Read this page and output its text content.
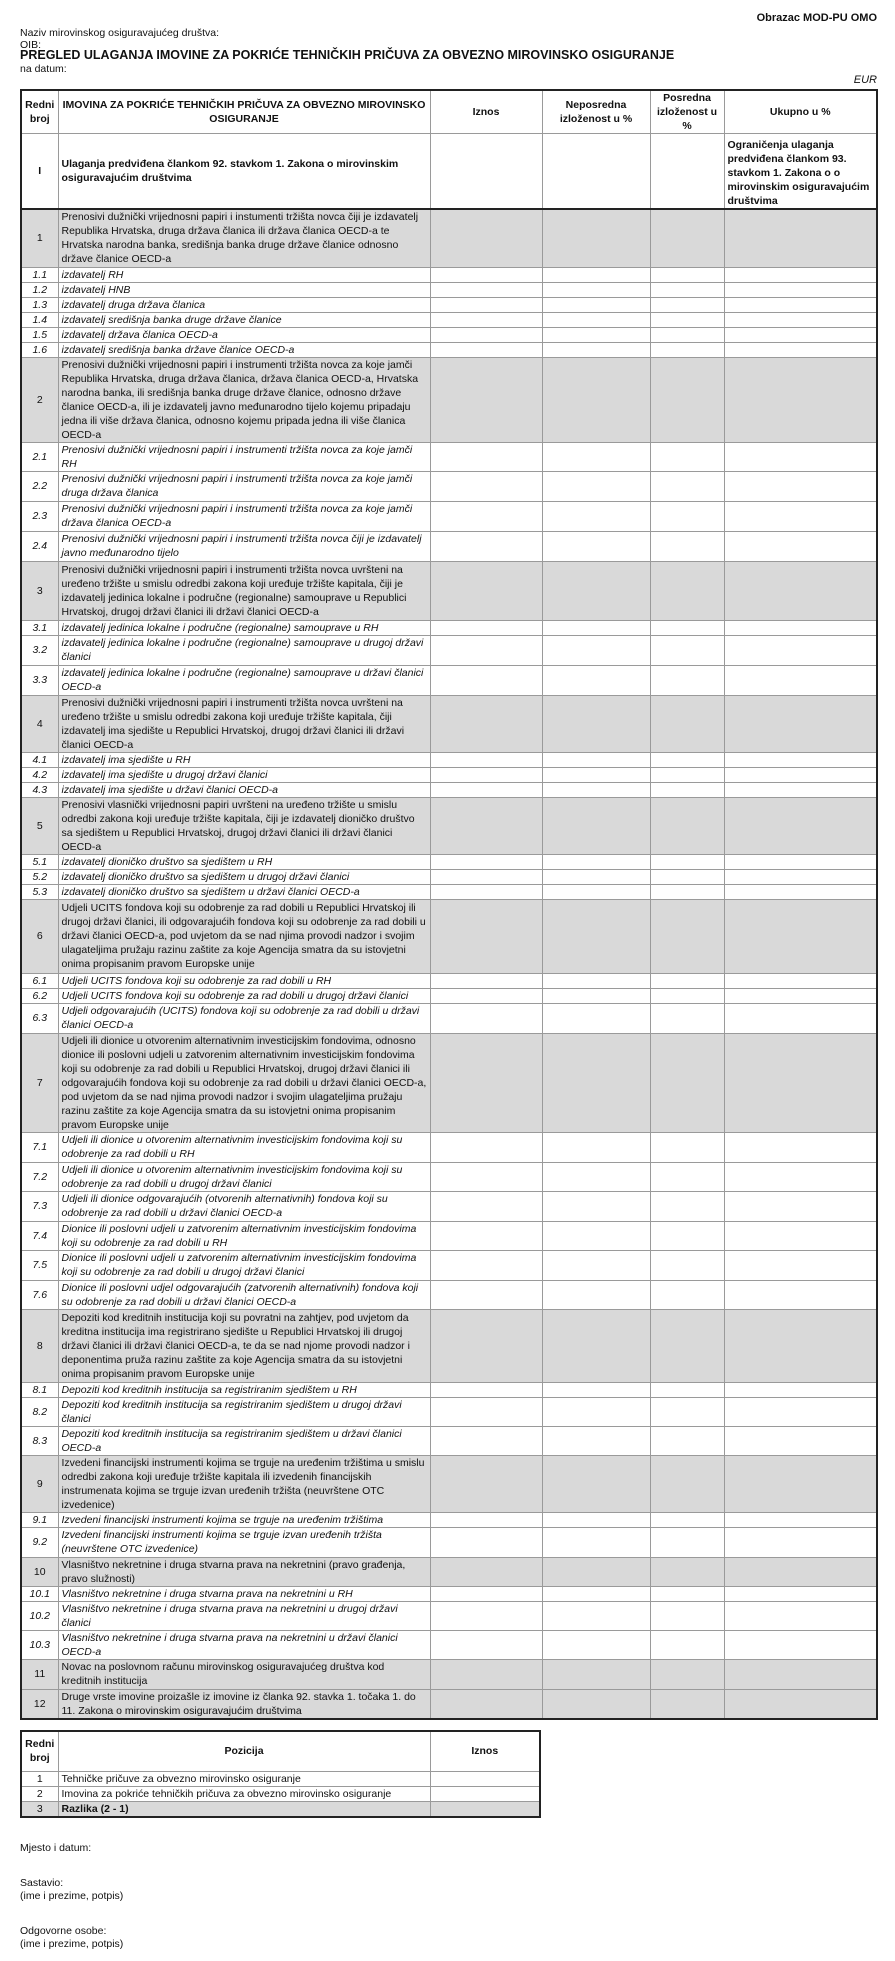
Obrazac MOD-PU OMO
Naziv mirovinskog osiguravajućeg društva:
OIB:
PREGLED ULAGANJA IMOVINE ZA POKRIĆE TEHNIČKIH PRIČUVA ZA OBVEZNO MIROVINSKO OSIGURANJE
na datum:
EUR
Redni broj	IMOVINA ZA POKRIĆE TEHNIČKIH PRIČUVA ZA OBVEZNO MIROVINSKO OSIGURANJE	Iznos	Neposredna izloženost u %	Posredna izloženost u %	Ukupno u %
I	Ulaganja predviđena člankom 92. stavkom 1. Zakona o mirovinskim osiguravajućim društvima				Ograničenja ulaganja predviđena člankom 93. stavkom 1. Zakona o o mirovinskim osiguravajućim društvima
1	Prenosivi dužnički vrijednosni papiri i instumenti tržišta novca čiji je izdavatelj Republika Hrvatska, druga država članica ili država članica OECD-a te Hrvatska narodna banka, središnja banka druge države članice odnosno države članice OECD-a				
1.1	izdavatelj RH				
1.2	izdavatelj HNB				
1.3	izdavatelj druga država članica				
1.4	izdavatelj središnja banka druge države članice				
1.5	izdavatelj država članica OECD-a				
1.6	izdavatelj središnja banka države članice OECD-a				
2	Prenosivi dužnički vrijednosni papiri i instrumenti tržišta novca za koje jamči Republika Hrvatska, druga država članica, država članica OECD-a, Hrvatska narodna banka, ili središnja banka druge države članice, odnosno države članice OECD-a, ili je izdavatelj javno međunarodno tijelo kojemu pripadaju jedna ili više država članica, odnosno kojemu pripada jedna ili više članica OECD-a				
2.1	Prenosivi dužnički vrijednosni papiri i instrumenti tržišta novca za koje jamči RH				
2.2	Prenosivi dužnički vrijednosni papiri i instrumenti tržišta novca za koje jamči druga država članica				
2.3	Prenosivi dužnički vrijednosni papiri i instrumenti tržišta novca za koje jamči država članica OECD-a				
2.4	Prenosivi dužnički vrijednosni papiri i instrumenti tržišta novca čiji je izdavatelj javno međunarodno tijelo				
3	Prenosivi dužnički vrijednosni papiri i instrumenti tržišta novca uvršteni na uređeno tržište u smislu odredbi zakona koji uređuje tržište kapitala, čiji je izdavatelj jedinica lokalne i područne (regionalne) samouprave u Republici Hrvatskoj, drugoj državi članici ili državi članici OECD-a				
3.1	izdavatelj jedinica lokalne i područne (regionalne) samouprave u RH				
3.2	izdavatelj jedinica lokalne i područne (regionalne) samouprave u drugoj državi članici				
3.3	izdavatelj jedinica lokalne i područne (regionalne) samouprave u državi članici OECD-a				
4	Prenosivi dužnički vrijednosni papiri i instrumenti tržišta novca uvršteni na uređeno tržište u smislu odredbi zakona koji uređuje tržište kapitala, čiji izdavatelj ima sjedište u Republici Hrvatskoj, drugoj državi članici ili državi članici OECD-a				
4.1	izdavatelj ima sjedište u RH				
4.2	izdavatelj ima sjedište u drugoj državi članici				
4.3	izdavatelj ima sjedište u državi članici OECD-a				
5	Prenosivi vlasnički vrijednosni papiri uvršteni na uređeno tržište u smislu odredbi zakona koji uređuje tržište kapitala, čiji je izdavatelj dioničko društvo sa sjedištem u Republici Hrvatskoj, drugoj državi članici ili državi članici OECD-a				
5.1	izdavatelj dioničko društvo sa sjedištem u RH				
5.2	izdavatelj dioničko društvo sa sjedištem u drugoj državi članici				
5.3	izdavatelj dioničko društvo sa sjedištem u državi članici OECD-a				
6	Udjeli UCITS fondova koji su odobrenje za rad dobili u Republici Hrvatskoj ili drugoj državi članici, ili odgovarajućih fondova koji su odobrenje za rad dobili u državi članici OECD-a, pod uvjetom da se nad njima provodi nadzor i svojim ulagateljima pružaju razinu zaštite za koje Agencija smatra da su istovjetni onima propisanim pravom Europske unije				
6.1	Udjeli UCITS fondova koji su odobrenje za rad dobili u RH				
6.2	Udjeli UCITS fondova koji su odobrenje za rad dobili u drugoj državi članici				
6.3	Udjeli odgovarajućih (UCITS) fondova koji su odobrenje za rad dobili u državi članici OECD-a				
7	Udjeli ili dionice u otvorenim alternativnim investicijskim fondovima, odnosno dionice ili poslovni udjeli u zatvorenim alternativnim investicijskim fondovima koji su odobrenje za rad dobili u Republici Hrvatskoj, drugoj državi članici ili odgovarajućih fondova koji su odobrenje za rad dobili u državi članici OECD-a, pod uvjetom da se nad njima provodi nadzor i svojim ulagateljima pružaju razinu zaštite za koje Agencija smatra da su istovjetni onima propisanim pravom Europske unije				
7.1	Udjeli ili dionice u otvorenim alternativnim investicijskim fondovima koji su odobrenje za rad dobili u RH				
7.2	Udjeli ili dionice u otvorenim alternativnim investicijskim fondovima koji su odobrenje za rad dobili u drugoj državi članici				
7.3	Udjeli ili dionice odgovarajućih (otvorenih alternativnih) fondova koji su odobrenje za rad dobili u državi članici OECD-a				
7.4	Dionice ili poslovni udjeli u zatvorenim alternativnim investicijskim fondovima koji su odobrenje za rad dobili u RH				
7.5	Dionice ili poslovni udjeli u zatvorenim alternativnim investicijskim fondovima koji su odobrenje za rad dobili u drugoj državi članici				
7.6	Dionice ili poslovni udjel odgovarajućih (zatvorenih alternativnih) fondova koji su odobrenje za rad dobili u državi članici OECD-a				
8	Depoziti kod kreditnih institucija koji su povratni na zahtjev, pod uvjetom da kreditna institucija ima registrirano sjedište u Republici Hrvatskoj ili drugoj državi članici ili državi članici OECD-a, te da se nad njome provodi nadzor i deponentima pruža razinu zaštite za koje Agencija smatra da su istovjetni onima propisanim pravom Europske unije				
8.1	Depoziti kod kreditnih institucija sa registriranim sjedištem u RH				
8.2	Depoziti kod kreditnih institucija sa registriranim sjedištem u drugoj državi članici				
8.3	Depoziti kod kreditnih institucija sa registriranim sjedištem u državi članici OECD-a				
9	Izvedeni financijski instrumenti kojima se trguje na uređenim tržištima u smislu odredbi zakona koji uređuje tržište kapitala ili izvedenih financijskih instrumenata kojima se trguje izvan uređenih tržišta (neuvrštene OTC izvedenice)				
9.1	Izvedeni financijski instrumenti kojima se trguje na uređenim tržištima				
9.2	Izvedeni financijski instrumenti kojima se trguje izvan uređenih tržišta (neuvrštene OTC izvedenice)				
10	Vlasništvo nekretnine i druga stvarna prava na nekretnini (pravo građenja, pravo služnosti)				
10.1	Vlasništvo nekretnine i druga stvarna prava na nekretnini u RH				
10.2	Vlasništvo nekretnine i druga stvarna prava na nekretnini u drugoj državi članici				
10.3	Vlasništvo nekretnine i druga stvarna prava na nekretnini u državi članici OECD-a				
11	Novac na poslovnom računu mirovinskog osiguravajućeg društva kod kreditnih institucija				
12	Druge vrste imovine proizašle iz imovine iz članka 92. stavka 1. točaka 1. do 11. Zakona o mirovinskim osiguravajućim društvima				
Redni broj	Pozicija	Iznos
1	Tehničke pričuve za obvezno mirovinsko osiguranje	
2	Imovina za pokriće tehničkih pričuva za obvezno mirovinsko osiguranje	
3	Razlika (2 - 1)	
Mjesto i datum:
Sastavio:
(ime i prezime, potpis)
Odgovorne osobe:
(ime i prezime, potpis)
